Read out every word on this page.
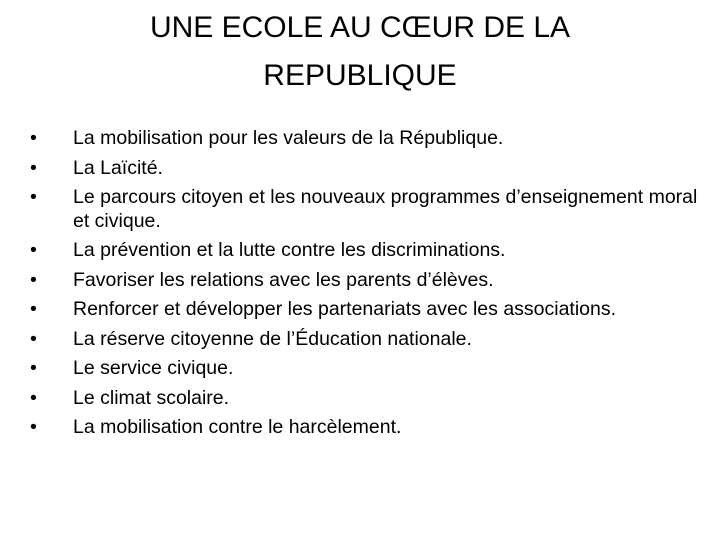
UNE ECOLE AU CŒUR DE LA
REPUBLIQUE
•	La mobilisation pour les valeurs de la République.
•	La Laïcité.
•	Le parcours citoyen et les nouveaux programmes d’enseignement moral et civique.
•	La prévention et la lutte contre les discriminations.
•	Favoriser les relations avec les parents d’élèves.
•	Renforcer et développer les partenariats avec les associations.
•	La réserve citoyenne de l’Éducation nationale.
•	Le service civique.
•	Le climat scolaire.
•	La mobilisation contre le harcèlement.
